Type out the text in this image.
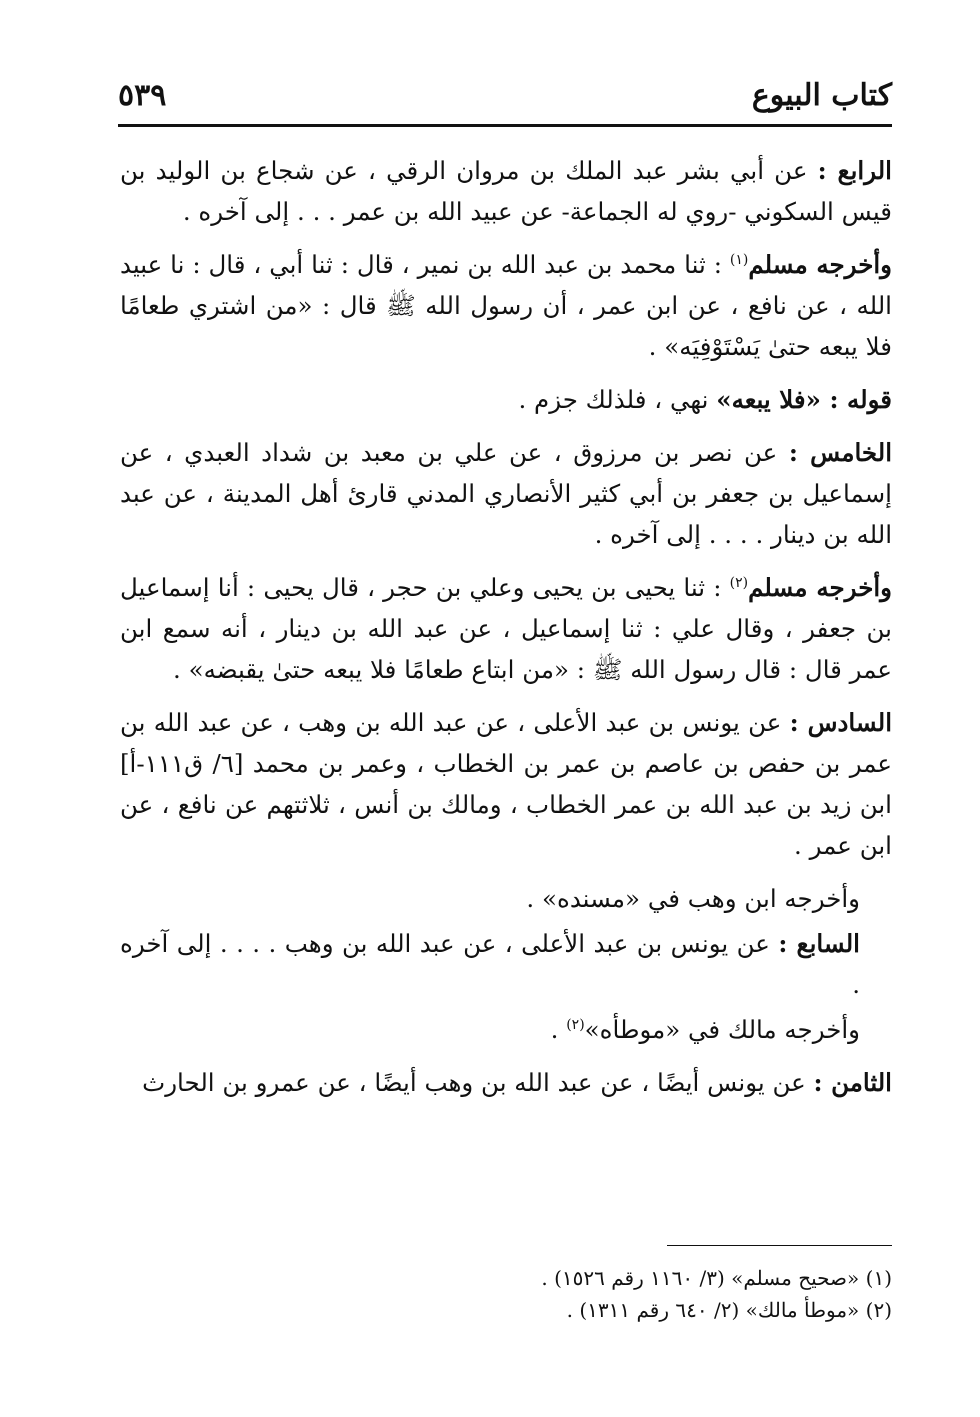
كتاب البيوع
٥٣٩
الرابع : عن أبي بشر عبد الملك بن مروان الرقي ، عن شجاع بن الوليد بن قيس السكوني -روي له الجماعة- عن عبيد الله بن عمر . . . إلى آخره .
وأخرجه مسلم$^{(١)}$ : ثنا محمد بن عبد الله بن نمير ، قال : ثنا أبي ، قال : نا عبيد الله ، عن نافع ، عن ابن عمر ، أن رسول الله ﷺ قال : «من اشتري طعامًا فلا يبعه حتىٰ يَسْتَوْفِيَه» .
قوله : «فلا يبعه» نهي ، فلذلك جزم .
الخامس : عن نصر بن مرزوق ، عن علي بن معبد بن شداد العبدي ، عن إسماعيل بن جعفر بن أبي كثير الأنصاري المدني قارئ أهل المدينة ، عن عبد الله بن دينار . . . . إلى آخره .
وأخرجه مسلم$^{(٢)}$ : ثنا يحيى بن يحيى وعلي بن حجر ، قال يحيى : أنا إسماعيل بن جعفر ، وقال علي : ثنا إسماعيل ، عن عبد الله بن دينار ، أنه سمع ابن عمر قال : قال رسول الله ﷺ : «من ابتاع طعامًا فلا يبعه حتىٰ يقبضه» .
السادس : عن يونس بن عبد الأعلى ، عن عبد الله بن وهب ، عن عبد الله بن عمر بن حفص بن عاصم بن عمر بن الخطاب ، وعمر بن محمد [٦/ ق١١١-أ] ابن زيد بن عبد الله بن عمر الخطاب ، ومالك بن أنس ، ثلاثتهم عن نافع ، عن ابن عمر .
وأخرجه ابن وهب في «مسنده» .
السابع : عن يونس بن عبد الأعلى ، عن عبد الله بن وهب . . . . إلى آخره .
وأخرجه مالك في «موطأه»$^{(٢)}$ .
الثامن : عن يونس أيضًا ، عن عبد الله بن وهب أيضًا ، عن عمرو بن الحارث
(١) «صحيح مسلم» (٣/ ١١٦٠ رقم ١٥٢٦) .
(٢) «موطأ مالك» (٢/ ٦٤٠ رقم ١٣١١) .
